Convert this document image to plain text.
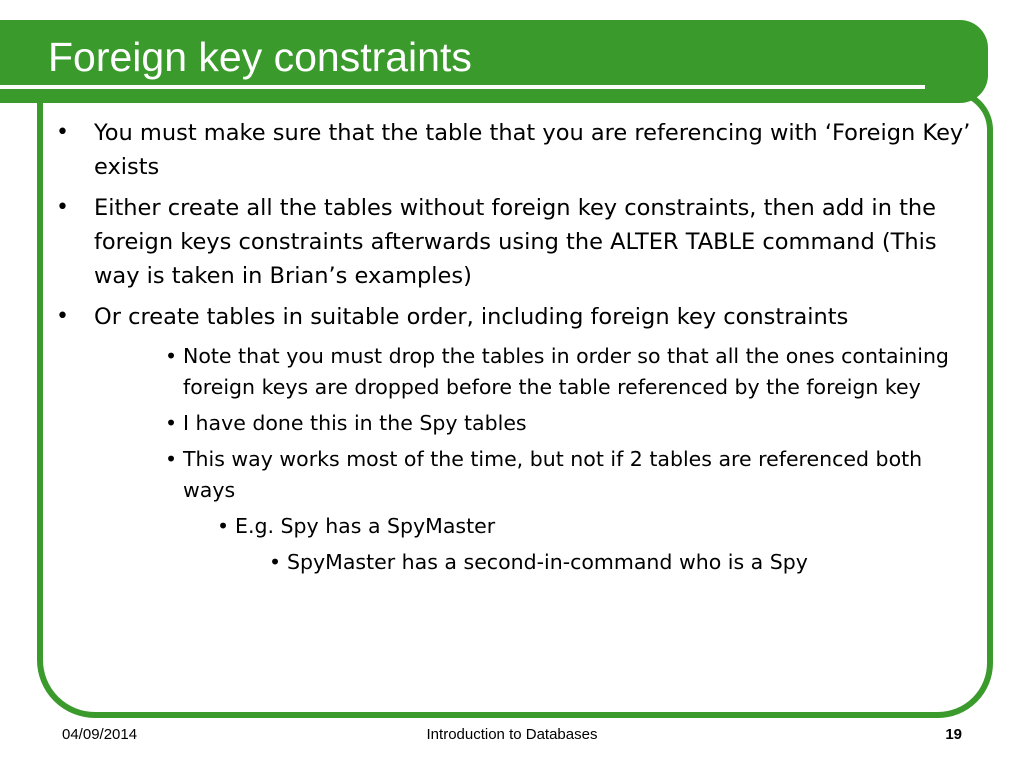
Foreign key constraints
• You must make sure that the table that you are referencing with ‘Foreign Key’ exists
• Either create all the tables without foreign key constraints, then add in the foreign keys constraints afterwards using the ALTER TABLE command (This way is taken in Brian’s examples)
• Or create tables in suitable order, including foreign key constraints
• Note that you must drop the tables in order so that all the ones containing foreign keys are dropped before the table referenced by the foreign key
• I have done this in the Spy tables
• This way works most of the time, but not if 2 tables are referenced both ways
• E.g. Spy has a SpyMaster
• SpyMaster has a second-in-command who is a Spy
04/09/2014	Introduction to Databases	19
